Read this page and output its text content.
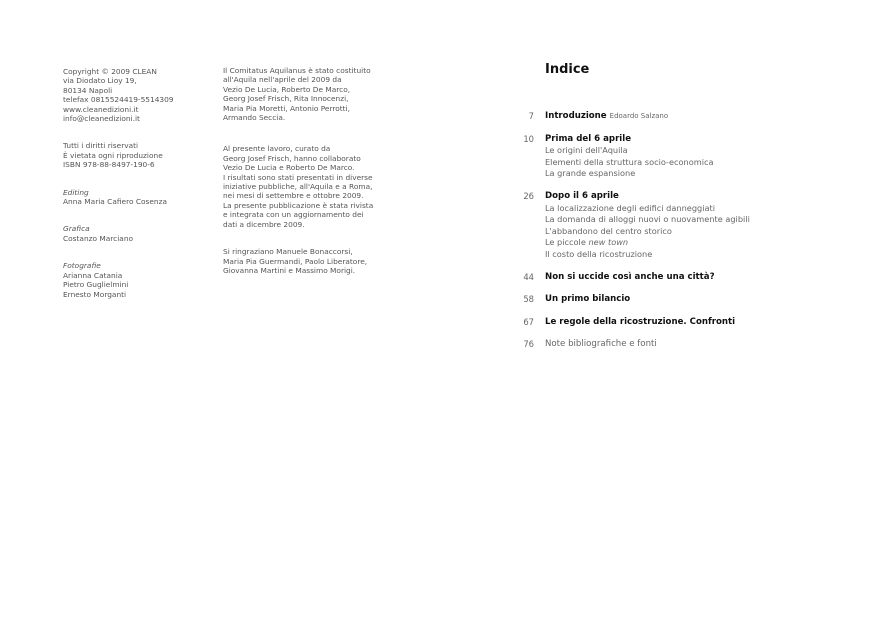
Copyright © 2009 CLEAN
via Diodato Lioy 19,
80134 Napoli
telefax 0815524419-5514309
www.cleanedizioni.it
info@cleanedizioni.it
Tutti i diritti riservati
È vietata ogni riproduzione
ISBN 978-88-8497-190-6
Editing
Anna Maria Cafiero Cosenza
Grafica
Costanzo Marciano
Fotografie
Arianna Catania
Pietro Guglielmini
Ernesto Morganti
Il Comitatus Aquilanus è stato costituito
all'Aquila nell'aprile del 2009 da
Vezio De Lucia, Roberto De Marco,
Georg Josef Frisch, Rita Innocenzi,
Maria Pia Moretti, Antonio Perrotti,
Armando Seccia.
Al presente lavoro, curato da
Georg Josef Frisch, hanno collaborato
Vezio De Lucia e Roberto De Marco.
I risultati sono stati presentati in diverse
iniziative pubbliche, all'Aquila e a Roma,
nei mesi di settembre e ottobre 2009.
La presente pubblicazione è stata rivista
e integrata con un aggiornamento dei
dati a dicembre 2009.
Si ringraziano Manuele Bonaccorsi,
Maria Pia Guermandi, Paolo Liberatore,
Giovanna Martini e Massimo Morigi.
Indice
7 Introduzione Edoardo Salzano
10 Prima del 6 aprile
Le origini dell'Aquila
Elementi della struttura socio-economica
La grande espansione
26 Dopo il 6 aprile
La localizzazione degli edifici danneggiati
La domanda di alloggi nuovi o nuovamente agibili
L'abbandono del centro storico
Le piccole new town
Il costo della ricostruzione
44 Non si uccide così anche una città?
58 Un primo bilancio
67 Le regole della ricostruzione. Confronti
76 Note bibliografiche e fonti
